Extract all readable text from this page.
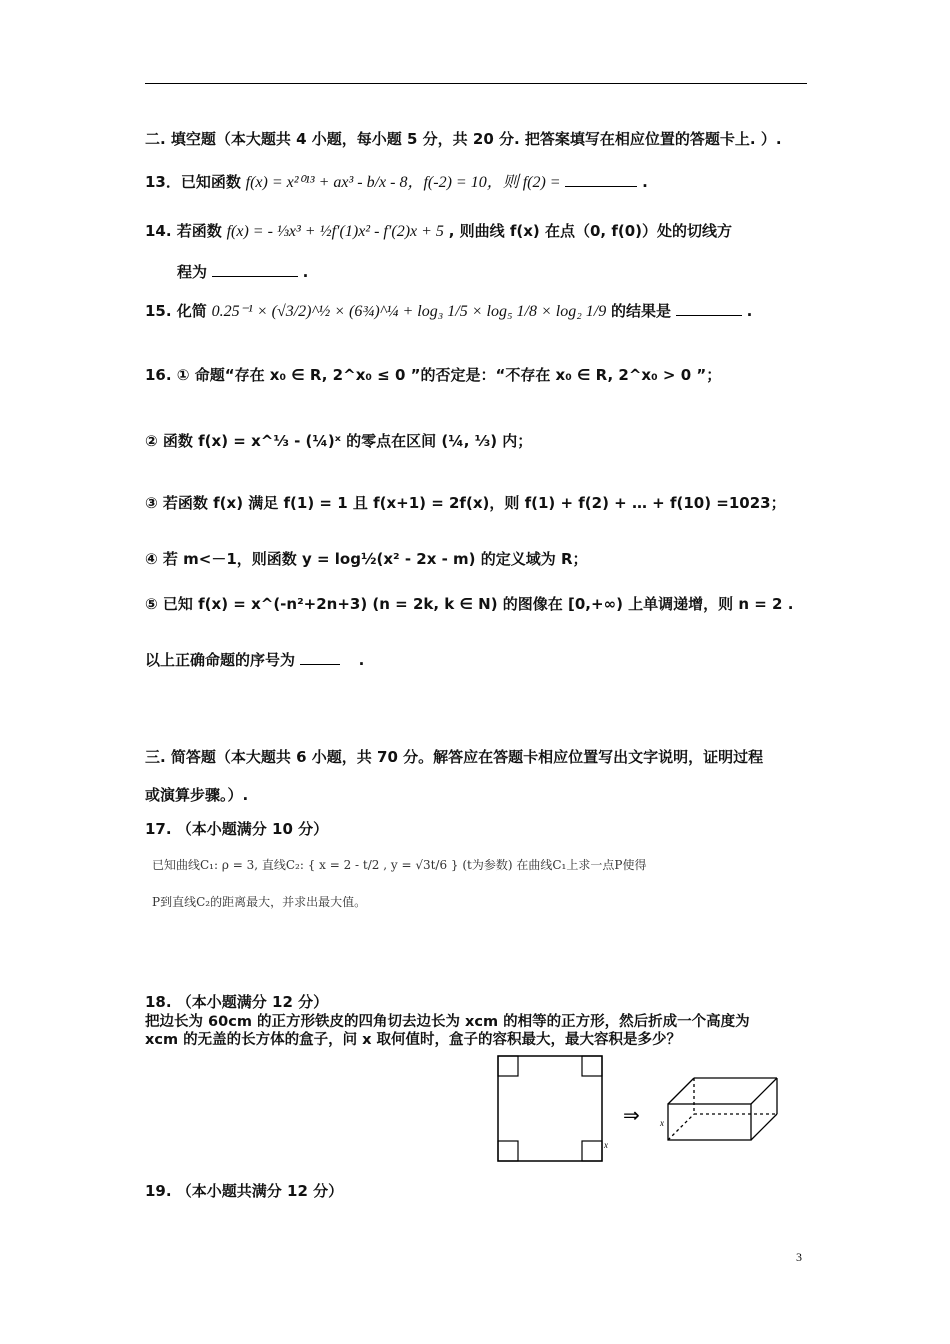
二. 填空题（本大题共 4 小题，每小题 5 分，共 20 分. 把答案填写在相应位置的答题卡上. ）.
13．已知函数 f(x) = x²⁰¹³ + ax³ - b/x - 8，f(-2) = 10，则 f(2) =	.
14. 若函数 f(x) = - ⅓x³ + ½f′(1)x² - f′(2)x + 5 , 则曲线 f(x) 在点（0, f(0)）处的切线方
程为	.
15. 化简 0.25⁻¹ × (√3/2)^½ × (6¾)^¼ + log₃ 1/5 × log₅ 1/8 × log₂ 1/9 的结果是	.
16. ① 命题“存在 x₀ ∈ R, 2^x₀ ≤ 0 ”的否定是：“不存在 x₀ ∈ R, 2^x₀ > 0 ”；
② 函数 f(x) = x^⅓ - (¼)ˣ 的零点在区间 (¼, ⅓) 内；
③ 若函数 f(x) 满足 f(1) = 1 且 f(x+1) = 2f(x)，则 f(1) + f(2) + … + f(10) =1023；
④ 若 m<－1，则函数 y = log½(x² - 2x - m) 的定义域为 R；
⑤ 已知 f(x) = x^(-n²+2n+3) (n = 2k, k ∈ N) 的图像在 [0,+∞) 上单调递增，则 n = 2 .
以上正确命题的序号为	.
三. 简答题（本大题共 6 小题，共 70 分。解答应在答题卡相应位置写出文字说明，证明过程
或演算步骤。）.
17. （本小题满分 10 分）
已知曲线C₁: ρ = 3, 直线C₂: { x = 2 - t/2 , y = √3t/6 } (t为参数) 在曲线C₁上求一点P使得
P到直线C₂的距离最大，并求出最大值。
18. （本小题满分 12 分）
把边长为 60cm 的正方形铁皮的四角切去边长为 xcm 的相等的正方形，然后折成一个高度为
xcm 的无盖的长方体的盒子，问 x 取何值时，盒子的容积最大，最大容积是多少？
x
⇒ x
19. （本小题共满分 12 分）
3
